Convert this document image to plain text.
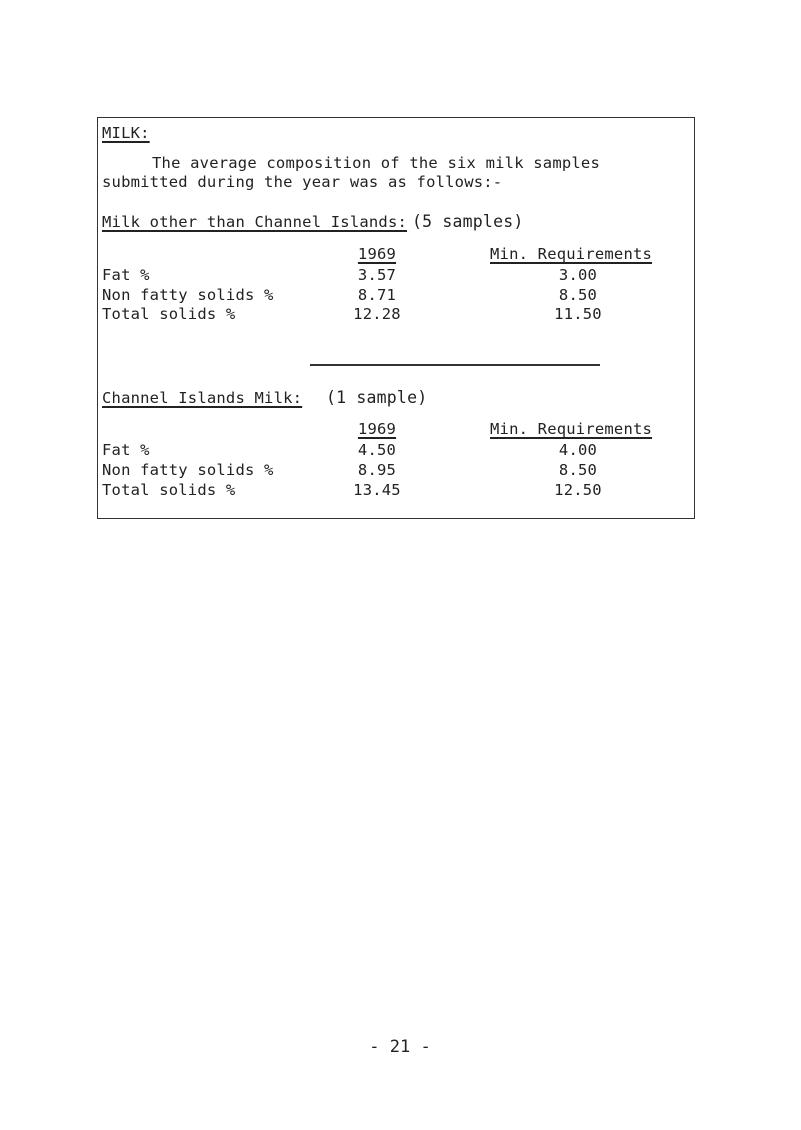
MILK:
The average composition of the six milk samples
submitted during the year was as follows:-
Milk other than Channel Islands: (5 samples)
1969	Min. Requirements
Fat %	3.57	3.00
Non fatty solids %	8.71	8.50
Total solids %	12.28	11.50
Channel Islands Milk: (1 sample)
1969	Min. Requirements
Fat %	4.50	4.00
Non fatty solids %	8.95	8.50
Total solids %	13.45	12.50
- 21 -
